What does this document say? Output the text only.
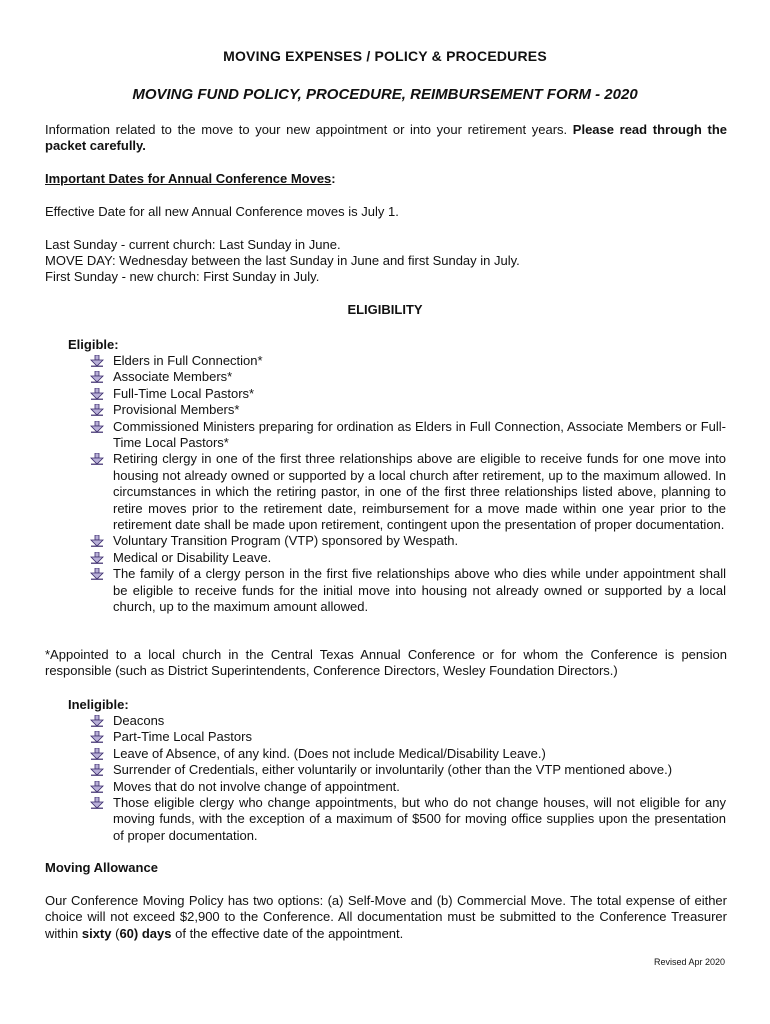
MOVING EXPENSES / POLICY & PROCEDURES
MOVING FUND POLICY, PROCEDURE, REIMBURSEMENT FORM - 2020

Information related to the move to your new appointment or into your retirement years. Please read through the packet carefully.

Important Dates for Annual Conference Moves:

Effective Date for all new Annual Conference moves is July 1.

Last Sunday - current church: Last Sunday in June.

MOVE DAY: Wednesday between the last Sunday in June and first Sunday in July.

First Sunday - new church: First Sunday in July.

ELIGIBILITY

Eligible:

Elders in Full Connection*
Associate Members*
Full-Time Local Pastors*
Provisional Members*
Commissioned Ministers preparing for ordination as Elders in Full Connection, Associate Members or Full-Time Local Pastors*
Retiring clergy in one of the first three relationships above are eligible to receive funds for one move into housing not already owned or supported by a local church after retirement, up to the maximum allowed. In circumstances in which the retiring pastor, in one of the first three relationships listed above, planning to retire moves prior to the retirement date, reimbursement for a move made within one year prior to the retirement date shall be made upon retirement, contingent upon the presentation of proper documentation.
Voluntary Transition Program (VTP) sponsored by Wespath.
Medical or Disability Leave.
The family of a clergy person in the first five relationships above who dies while under appointment shall be eligible to receive funds for the initial move into housing not already owned or supported by a local church, up to the maximum amount allowed.

*Appointed to a local church in the Central Texas Annual Conference or for whom the Conference is pension responsible (such as District Superintendents, Conference Directors, Wesley Foundation Directors.)

Ineligible:

Deacons
Part-Time Local Pastors
Leave of Absence, of any kind. (Does not include Medical/Disability Leave.)
Surrender of Credentials, either voluntarily or involuntarily (other than the VTP mentioned above.)
Moves that do not involve change of appointment.
Those eligible clergy who change appointments, but who do not change houses, will not eligible for any moving funds, with the exception of a maximum of $500 for moving office supplies upon the presentation of proper documentation.

Moving Allowance

Our Conference Moving Policy has two options: (a) Self-Move and (b) Commercial Move. The total expense of either choice will not exceed $2,900 to the Conference. All documentation must be submitted to the Conference Treasurer within sixty (60) days of the effective date of the appointment.

Revised Apr 2020
